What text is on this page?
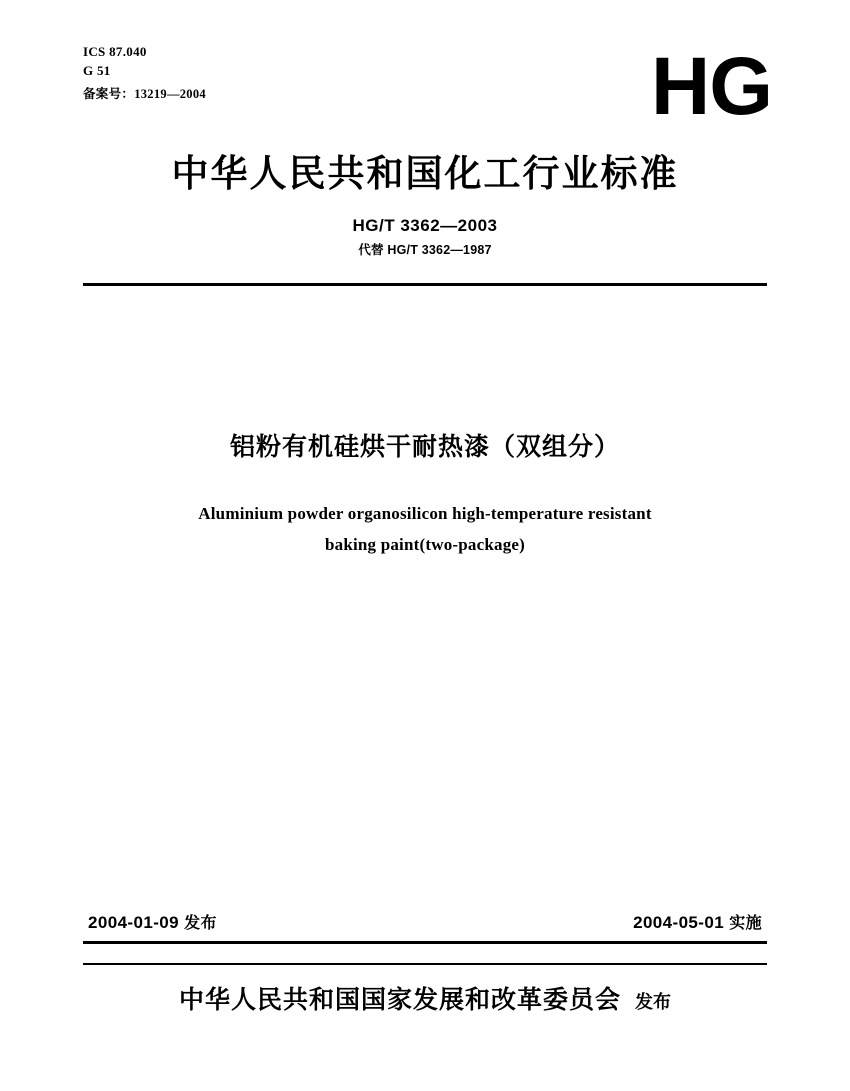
ICS 87.040
G 51
备案号：13219—2004	HG
中华人民共和国化工行业标准
HG/T 3362—2003
代替 HG/T 3362—1987
铝粉有机硅烘干耐热漆（双组分）
Aluminium powder organosilicon high-temperature resistant
baking paint(two-package)
2004-01-09 发布	2004-05-01 实施
中华人民共和国国家发展和改革委员会 发布
